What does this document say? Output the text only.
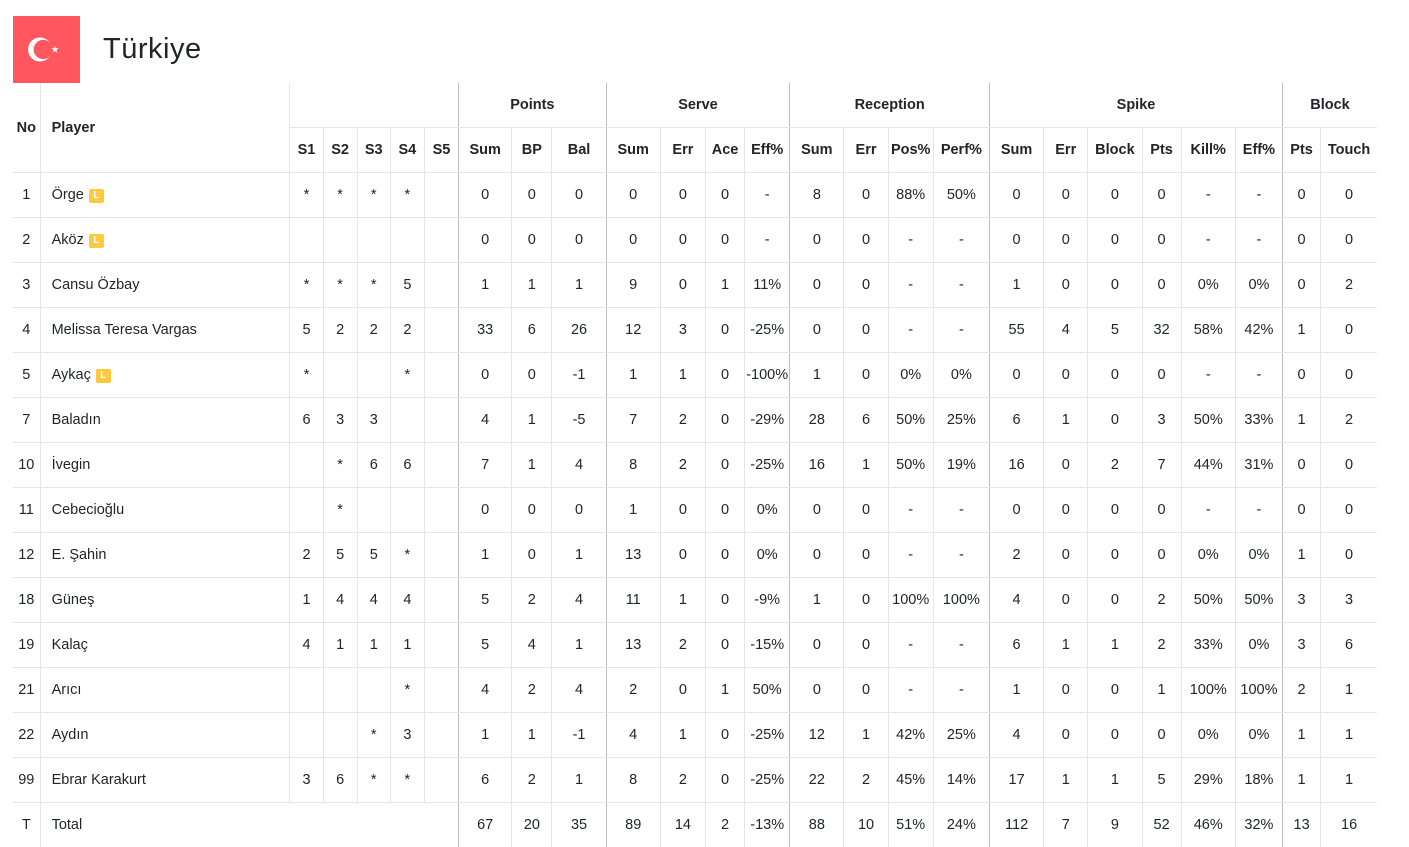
Türkiye
No	Player						Points			Serve				Reception				Spike						Block	
		S1	S2	S3	S4	S5	Sum	BP	Bal	Sum	Err	Ace	Eff%	Sum	Err	Pos%	Perf%	Sum	Err	Block	Pts	Kill%	Eff%	Pts	Touch
1	Örge L	*	*	*	*		0	0	0	0	0	0	-	8	0	88%	50%	0	0	0	0	-	-	0	0
2	Aköz L						0	0	0	0	0	0	-	0	0	-	-	0	0	0	0	-	-	0	0
3	Cansu Özbay	*	*	*	5		1	1	1	9	0	1	11%	0	0	-	-	1	0	0	0	0%	0%	0	2
4	Melissa Teresa Vargas	5	2	2	2		33	6	26	12	3	0	-25%	0	0	-	-	55	4	5	32	58%	42%	1	0
5	Aykaç L	*			*		0	0	-1	1	1	0	-100%	1	0	0%	0%	0	0	0	0	-	-	0	0
7	Baladın	6	3	3			4	1	-5	7	2	0	-29%	28	6	50%	25%	6	1	0	3	50%	33%	1	2
10	İvegin		*	6	6		7	1	4	8	2	0	-25%	16	1	50%	19%	16	0	2	7	44%	31%	0	0
11	Cebecioğlu		*				0	0	0	1	0	0	0%	0	0	-	-	0	0	0	0	-	-	0	0
12	E. Şahin	2	5	5	*		1	0	1	13	0	0	0%	0	0	-	-	2	0	0	0	0%	0%	1	0
18	Güneş	1	4	4	4		5	2	4	11	1	0	-9%	1	0	100%	100%	4	0	0	2	50%	50%	3	3
19	Kalaç	4	1	1	1		5	4	1	13	2	0	-15%	0	0	-	-	6	1	1	2	33%	0%	3	6
21	Arıcı				*		4	2	4	2	0	1	50%	0	0	-	-	1	0	0	1	100%	100%	2	1
22	Aydın			*	3		1	1	-1	4	1	0	-25%	12	1	42%	25%	4	0	0	0	0%	0%	1	1
99	Ebrar Karakurt	3	6	*	*		6	2	1	8	2	0	-25%	22	2	45%	14%	17	1	1	5	29%	18%	1	1
T	Total						67	20	35	89	14	2	-13%	88	10	51%	24%	112	7	9	52	46%	32%	13	16
